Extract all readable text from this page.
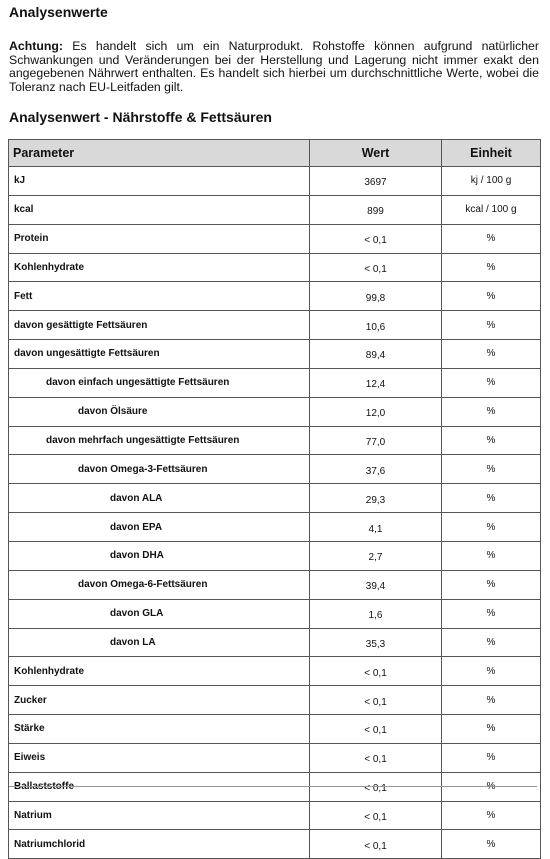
Analysenwerte
Achtung: Es handelt sich um ein Naturprodukt. Rohstoffe können aufgrund natürlicher Schwankungen und Veränderungen bei der Herstellung und Lagerung nicht immer exakt den angegebenen Nährwert enthalten. Es handelt sich hierbei um durchschnittliche Werte, wobei die Toleranz nach EU-Leitfaden gilt.
Analysenwert - Nährstoffe & Fettsäuren
Parameter	Wert	Einheit
kJ	3697	kj / 100 g
kcal	899	kcal / 100 g
Protein	< 0,1	%
Kohlenhydrate	< 0,1	%
Fett	99,8	%
davon gesättigte Fettsäuren	10,6	%
davon ungesättigte Fettsäuren	89,4	%
davon einfach ungesättigte Fettsäuren	12,4	%
davon Ölsäure	12,0	%
davon mehrfach ungesättigte Fettsäuren	77,0	%
davon Omega-3-Fettsäuren	37,6	%
davon ALA	29,3	%
davon EPA	4,1	%
davon DHA	2,7	%
davon Omega-6-Fettsäuren	39,4	%
davon GLA	1,6	%
davon LA	35,3	%
Kohlenhydrate	< 0,1	%
Zucker	< 0,1	%
Stärke	< 0,1	%
Eiweis	< 0,1	%
Ballaststoffe	< 0,1	%
Natrium	< 0,1	%
Natriumchlorid	< 0,1	%
